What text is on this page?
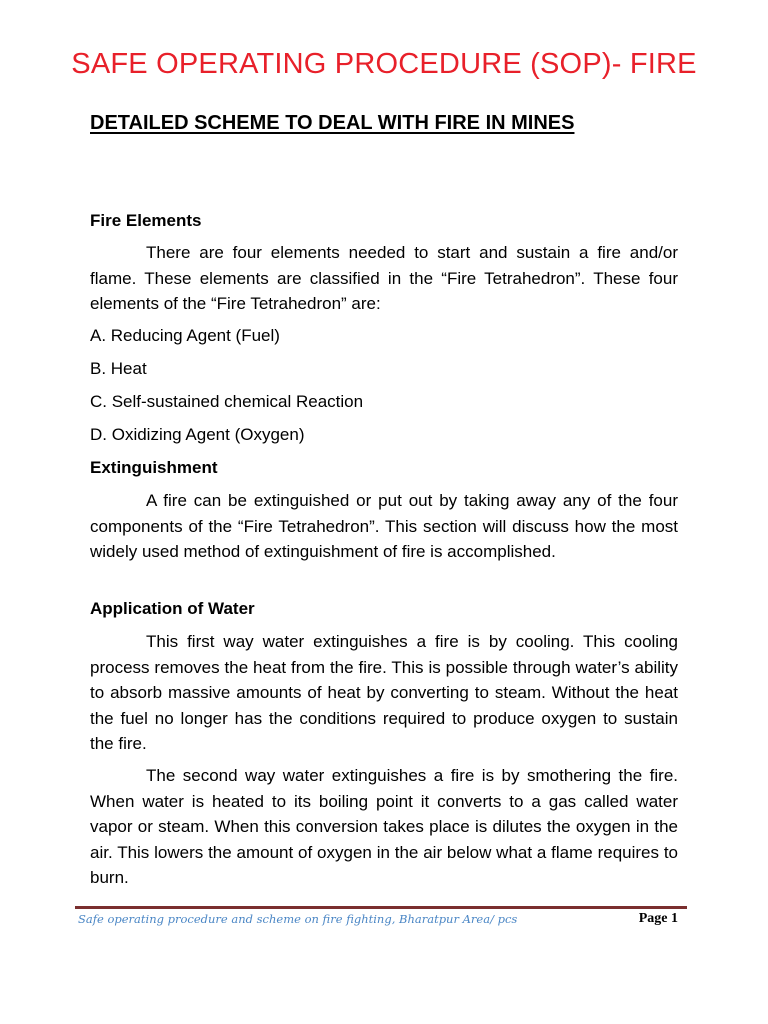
SAFE OPERATING PROCEDURE (SOP)- FIRE
DETAILED SCHEME TO DEAL WITH FIRE IN MINES

Fire Elements

There are four elements needed to start and sustain a fire and/or flame. These elements are classified in the “Fire Tetrahedron”. These four elements of the “Fire Tetrahedron” are:

A. Reducing Agent (Fuel)

B. Heat

C. Self-sustained chemical Reaction

D. Oxidizing Agent (Oxygen)

Extinguishment

A fire can be extinguished or put out by taking away any of the four components of the “Fire Tetrahedron”. This section will discuss how the most widely used method of extinguishment of fire is accomplished.

Application of Water

This first way water extinguishes a fire is by cooling. This cooling process removes the heat from the fire. This is possible through water’s ability to absorb massive amounts of heat by converting to steam. Without the heat the fuel no longer has the conditions required to produce oxygen to sustain the fire.

The second way water extinguishes a fire is by smothering the fire. When water is heated to its boiling point it converts to a gas called water vapor or steam. When this conversion takes place is dilutes the oxygen in the air. This lowers the amount of oxygen in the air below what a flame requires to burn.

Safe operating procedure and scheme on fire fighting, Bharatpur Area/ pcs	Page 1
